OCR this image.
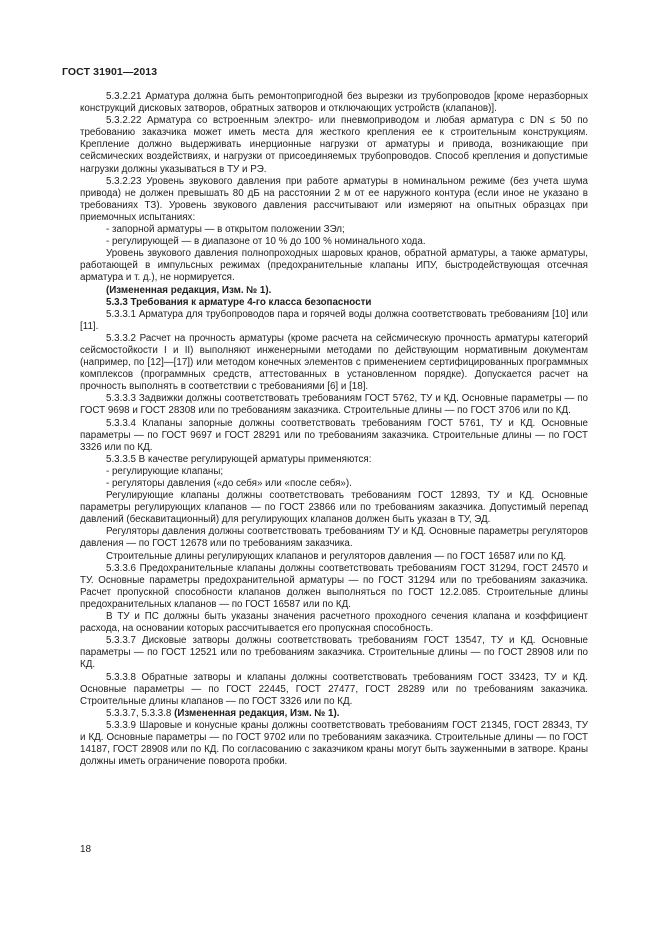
ГОСТ 31901—2013

5.3.2.21 Арматура должна быть ремонтопригодной без вырезки из трубопроводов [кроме неразборных конструкций дисковых затворов, обратных затворов и отключающих устройств (клапанов)].

5.3.2.22 Арматура со встроенным электро- или пневмоприводом и любая арматура с DN ≤ 50 по требованию заказчика может иметь места для жесткого крепления ее к строительным конструкциям. Крепление должно выдерживать инерционные нагрузки от арматуры и привода, возникающие при сейсмических воздействиях, и нагрузки от присоединяемых трубопроводов. Способ крепления и допустимые нагрузки должны указываться в ТУ и РЭ.

5.3.2.23 Уровень звукового давления при работе арматуры в номинальном режиме (без учета шума привода) не должен превышать 80 дБ на расстоянии 2 м от ее наружного контура (если иное не указано в требованиях ТЗ). Уровень звукового давления рассчитывают или измеряют на опытных образцах при приемочных испытаниях:

- запорной арматуры — в открытом положении ЗЭл;

- регулирующей — в диапазоне от 10 % до 100 % номинального хода.

Уровень звукового давления полнопроходных шаровых кранов, обратной арматуры, а также арматуры, работающей в импульсных режимах (предохранительные клапаны ИПУ, быстродействующая отсечная арматура и т. д.), не нормируется.

(Измененная редакция, Изм. № 1).

5.3.3 Требования к арматуре 4-го класса безопасности

5.3.3.1 Арматура для трубопроводов пара и горячей воды должна соответствовать требованиям [10] или [11].

5.3.3.2 Расчет на прочность арматуры (кроме расчета на сейсмическую прочность арматуры категорий сейсмостойкости I и II) выполняют инженерными методами по действующим нормативным документам (например, по [12]—[17]) или методом конечных элементов с применением сертифицированных программных комплексов (программных средств, аттестованных в установленном порядке). Допускается расчет на прочность выполнять в соответствии с требованиями [6] и [18].

5.3.3.3 Задвижки должны соответствовать требованиям ГОСТ 5762, ТУ и КД. Основные параметры — по ГОСТ 9698 и ГОСТ 28308 или по требованиям заказчика. Строительные длины — по ГОСТ 3706 или по КД.

5.3.3.4 Клапаны запорные должны соответствовать требованиям ГОСТ 5761, ТУ и КД. Основные параметры — по ГОСТ 9697 и ГОСТ 28291 или по требованиям заказчика. Строительные длины — по ГОСТ 3326 или по КД.

5.3.3.5 В качестве регулирующей арматуры применяются:

- регулирующие клапаны;

- регуляторы давления («до себя» или «после себя»).

Регулирующие клапаны должны соответствовать требованиям ГОСТ 12893, ТУ и КД. Основные параметры регулирующих клапанов — по ГОСТ 23866 или по требованиям заказчика. Допустимый перепад давлений (бескавитационный) для регулирующих клапанов должен быть указан в ТУ, ЭД.

Регуляторы давления должны соответствовать требованиям ТУ и КД. Основные параметры регуляторов давления — по ГОСТ 12678 или по требованиям заказчика.

Строительные длины регулирующих клапанов и регуляторов давления — по ГОСТ 16587 или по КД.

5.3.3.6 Предохранительные клапаны должны соответствовать требованиям ГОСТ 31294, ГОСТ 24570 и ТУ. Основные параметры предохранительной арматуры — по ГОСТ 31294 или по требованиям заказчика. Расчет пропускной способности клапанов должен выполняться по ГОСТ 12.2.085. Строительные длины предохранительных клапанов — по ГОСТ 16587 или по КД.

В ТУ и ПС должны быть указаны значения расчетного проходного сечения клапана и коэффициент расхода, на основании которых рассчитывается его пропускная способность.

5.3.3.7 Дисковые затворы должны соответствовать требованиям ГОСТ 13547, ТУ и КД. Основные параметры — по ГОСТ 12521 или по требованиям заказчика. Строительные длины — по ГОСТ 28908 или по КД.

5.3.3.8 Обратные затворы и клапаны должны соответствовать требованиям ГОСТ 33423, ТУ и КД. Основные параметры — по ГОСТ 22445, ГОСТ 27477, ГОСТ 28289 или по требованиям заказчика. Строительные длины клапанов — по ГОСТ 3326 или по КД.

5.3.3.7, 5.3.3.8 (Измененная редакция, Изм. № 1).

5.3.3.9 Шаровые и конусные краны должны соответствовать требованиям ГОСТ 21345, ГОСТ 28343, ТУ и КД. Основные параметры — по ГОСТ 9702 или по требованиям заказчика. Строительные длины — по ГОСТ 14187, ГОСТ 28908 или по КД. По согласованию с заказчиком краны могут быть зауженными в затворе. Краны должны иметь ограничение поворота пробки.

18
